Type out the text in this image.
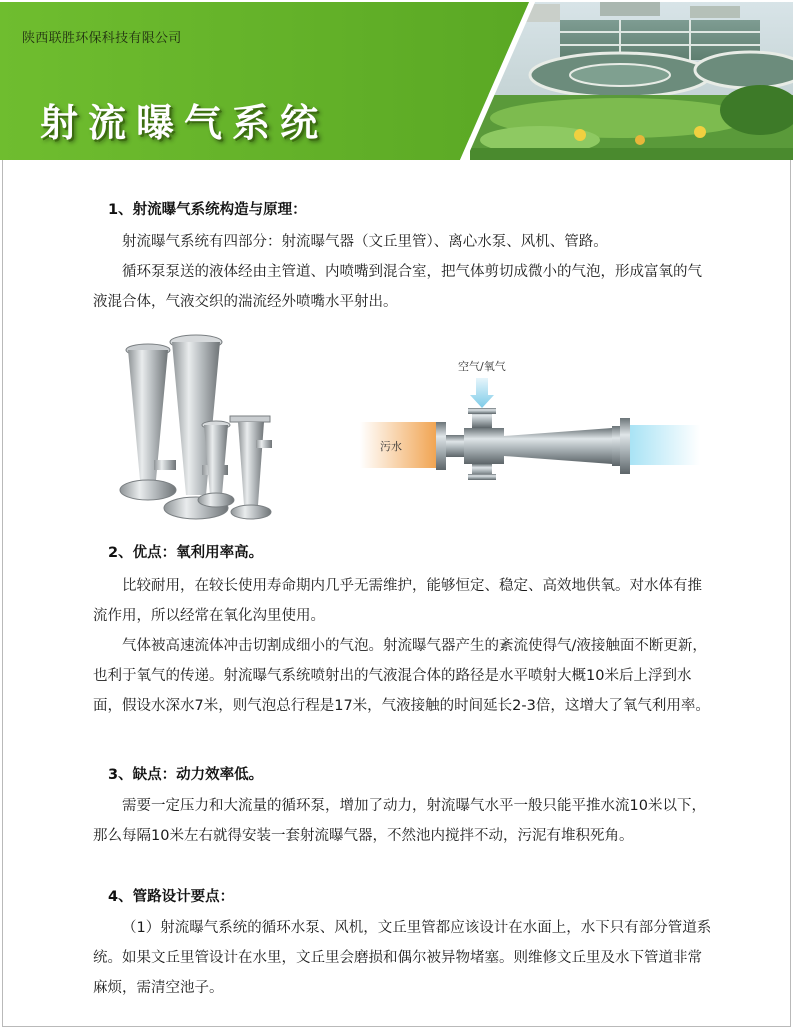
陕西联胜环保科技有限公司
射流曝气系统
1、射流曝气系统构造与原理：
射流曝气系统有四部分：射流曝气器（文丘里管）、离心水泵、风机、管路。
循环泵泵送的液体经由主管道、内喷嘴到混合室，把气体剪切成微小的气泡，形成富氧的气液混合体，气液交织的湍流经外喷嘴水平射出。
空气/氧气
污水
2、优点：氧利用率高。
比较耐用，在较长使用寿命期内几乎无需维护，能够恒定、稳定、高效地供氧。对水体有推流作用，所以经常在氧化沟里使用。
气体被高速流体冲击切割成细小的气泡。射流曝气器产生的紊流使得气/液接触面不断更新，也利于氧气的传递。射流曝气系统喷射出的气液混合体的路径是水平喷射大概10米后上浮到水面，假设水深水7米，则气泡总行程是17米，气液接触的时间延长2-3倍，这增大了氧气利用率。
3、缺点：动力效率低。
需要一定压力和大流量的循环泵，增加了动力，射流曝气水平一般只能平推水流10米以下，那么每隔10米左右就得安装一套射流曝气器，不然池内搅拌不动，污泥有堆积死角。
4、管路设计要点：
（1）射流曝气系统的循环水泵、风机，文丘里管都应该设计在水面上，水下只有部分管道系统。如果文丘里管设计在水里，文丘里会磨损和偶尔被异物堵塞。则维修文丘里及水下管道非常麻烦，需清空池子。
